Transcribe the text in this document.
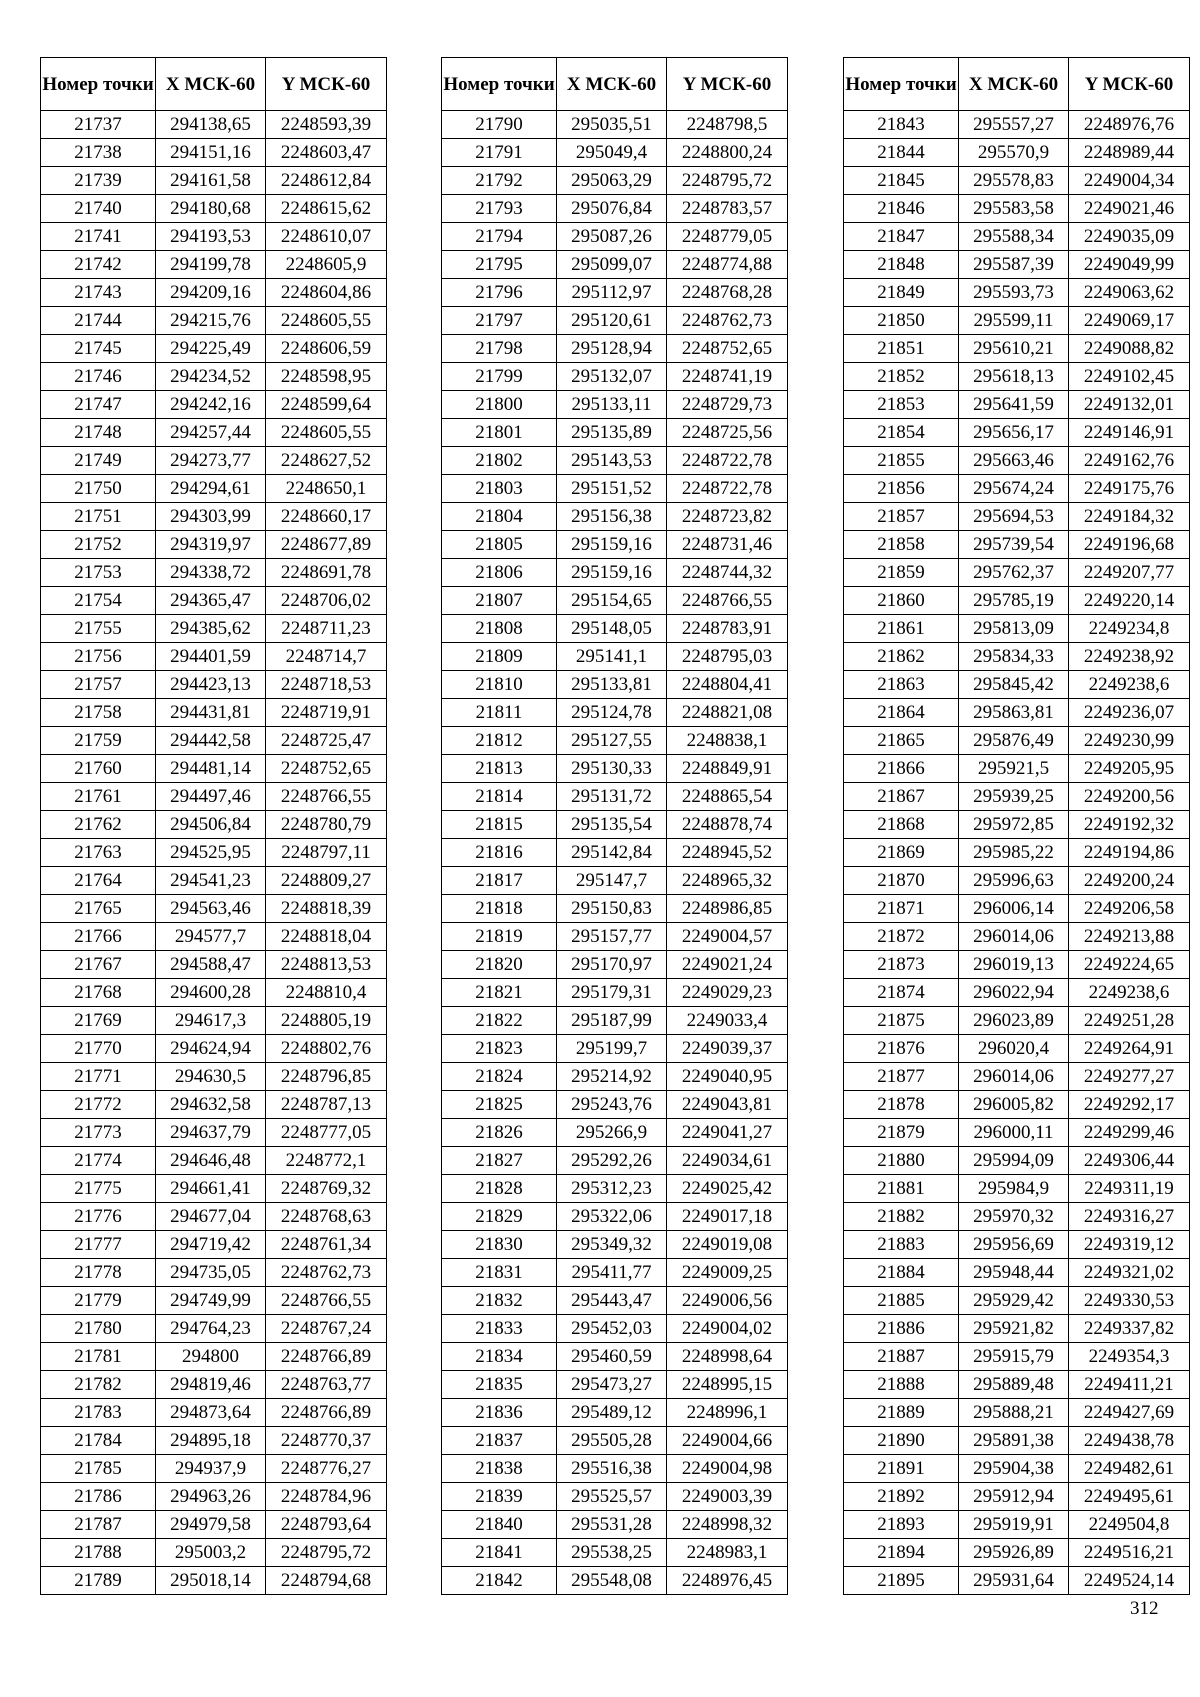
Номер точки	X МСК-60	Y МСК-60
21737	294138,65	2248593,39
21738	294151,16	2248603,47
21739	294161,58	2248612,84
21740	294180,68	2248615,62
21741	294193,53	2248610,07
21742	294199,78	2248605,9
21743	294209,16	2248604,86
21744	294215,76	2248605,55
21745	294225,49	2248606,59
21746	294234,52	2248598,95
21747	294242,16	2248599,64
21748	294257,44	2248605,55
21749	294273,77	2248627,52
21750	294294,61	2248650,1
21751	294303,99	2248660,17
21752	294319,97	2248677,89
21753	294338,72	2248691,78
21754	294365,47	2248706,02
21755	294385,62	2248711,23
21756	294401,59	2248714,7
21757	294423,13	2248718,53
21758	294431,81	2248719,91
21759	294442,58	2248725,47
21760	294481,14	2248752,65
21761	294497,46	2248766,55
21762	294506,84	2248780,79
21763	294525,95	2248797,11
21764	294541,23	2248809,27
21765	294563,46	2248818,39
21766	294577,7	2248818,04
21767	294588,47	2248813,53
21768	294600,28	2248810,4
21769	294617,3	2248805,19
21770	294624,94	2248802,76
21771	294630,5	2248796,85
21772	294632,58	2248787,13
21773	294637,79	2248777,05
21774	294646,48	2248772,1
21775	294661,41	2248769,32
21776	294677,04	2248768,63
21777	294719,42	2248761,34
21778	294735,05	2248762,73
21779	294749,99	2248766,55
21780	294764,23	2248767,24
21781	294800	2248766,89
21782	294819,46	2248763,77
21783	294873,64	2248766,89
21784	294895,18	2248770,37
21785	294937,9	2248776,27
21786	294963,26	2248784,96
21787	294979,58	2248793,64
21788	295003,2	2248795,72
21789	295018,14	2248794,68
Номер точки	X МСК-60	Y МСК-60
21790	295035,51	2248798,5
21791	295049,4	2248800,24
21792	295063,29	2248795,72
21793	295076,84	2248783,57
21794	295087,26	2248779,05
21795	295099,07	2248774,88
21796	295112,97	2248768,28
21797	295120,61	2248762,73
21798	295128,94	2248752,65
21799	295132,07	2248741,19
21800	295133,11	2248729,73
21801	295135,89	2248725,56
21802	295143,53	2248722,78
21803	295151,52	2248722,78
21804	295156,38	2248723,82
21805	295159,16	2248731,46
21806	295159,16	2248744,32
21807	295154,65	2248766,55
21808	295148,05	2248783,91
21809	295141,1	2248795,03
21810	295133,81	2248804,41
21811	295124,78	2248821,08
21812	295127,55	2248838,1
21813	295130,33	2248849,91
21814	295131,72	2248865,54
21815	295135,54	2248878,74
21816	295142,84	2248945,52
21817	295147,7	2248965,32
21818	295150,83	2248986,85
21819	295157,77	2249004,57
21820	295170,97	2249021,24
21821	295179,31	2249029,23
21822	295187,99	2249033,4
21823	295199,7	2249039,37
21824	295214,92	2249040,95
21825	295243,76	2249043,81
21826	295266,9	2249041,27
21827	295292,26	2249034,61
21828	295312,23	2249025,42
21829	295322,06	2249017,18
21830	295349,32	2249019,08
21831	295411,77	2249009,25
21832	295443,47	2249006,56
21833	295452,03	2249004,02
21834	295460,59	2248998,64
21835	295473,27	2248995,15
21836	295489,12	2248996,1
21837	295505,28	2249004,66
21838	295516,38	2249004,98
21839	295525,57	2249003,39
21840	295531,28	2248998,32
21841	295538,25	2248983,1
21842	295548,08	2248976,45
Номер точки	X МСК-60	Y МСК-60
21843	295557,27	2248976,76
21844	295570,9	2248989,44
21845	295578,83	2249004,34
21846	295583,58	2249021,46
21847	295588,34	2249035,09
21848	295587,39	2249049,99
21849	295593,73	2249063,62
21850	295599,11	2249069,17
21851	295610,21	2249088,82
21852	295618,13	2249102,45
21853	295641,59	2249132,01
21854	295656,17	2249146,91
21855	295663,46	2249162,76
21856	295674,24	2249175,76
21857	295694,53	2249184,32
21858	295739,54	2249196,68
21859	295762,37	2249207,77
21860	295785,19	2249220,14
21861	295813,09	2249234,8
21862	295834,33	2249238,92
21863	295845,42	2249238,6
21864	295863,81	2249236,07
21865	295876,49	2249230,99
21866	295921,5	2249205,95
21867	295939,25	2249200,56
21868	295972,85	2249192,32
21869	295985,22	2249194,86
21870	295996,63	2249200,24
21871	296006,14	2249206,58
21872	296014,06	2249213,88
21873	296019,13	2249224,65
21874	296022,94	2249238,6
21875	296023,89	2249251,28
21876	296020,4	2249264,91
21877	296014,06	2249277,27
21878	296005,82	2249292,17
21879	296000,11	2249299,46
21880	295994,09	2249306,44
21881	295984,9	2249311,19
21882	295970,32	2249316,27
21883	295956,69	2249319,12
21884	295948,44	2249321,02
21885	295929,42	2249330,53
21886	295921,82	2249337,82
21887	295915,79	2249354,3
21888	295889,48	2249411,21
21889	295888,21	2249427,69
21890	295891,38	2249438,78
21891	295904,38	2249482,61
21892	295912,94	2249495,61
21893	295919,91	2249504,8
21894	295926,89	2249516,21
21895	295931,64	2249524,14
312
